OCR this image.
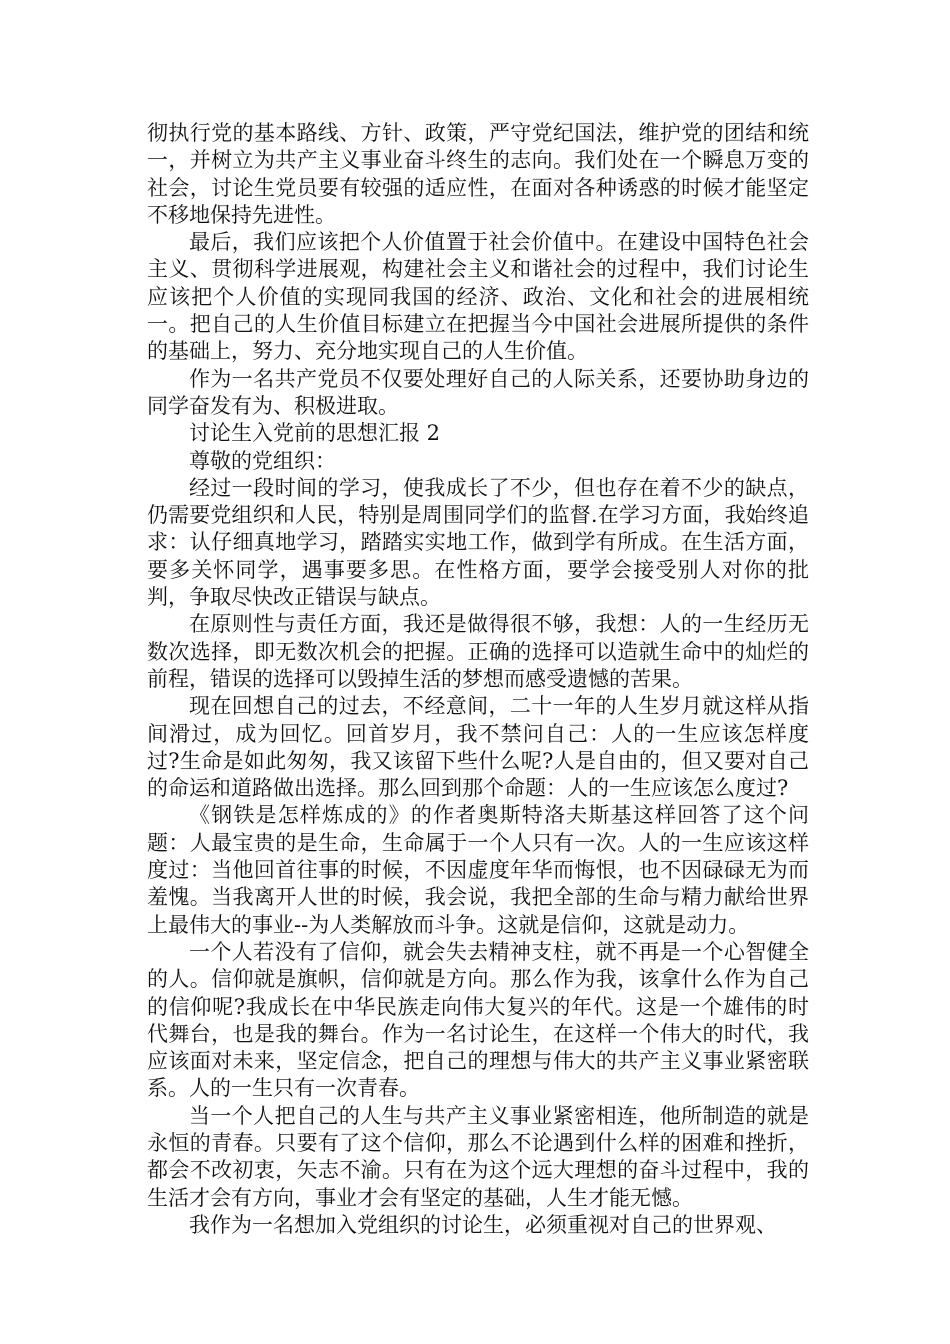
彻执行党的基本路线、方针、政策，严守党纪国法，维护党的团结和统一，并树立为共产主义事业奋斗终生的志向。我们处在一个瞬息万变的社会，讨论生党员要有较强的适应性，在面对各种诱惑的时候才能坚定不移地保持先进性。

最后，我们应该把个人价值置于社会价值中。在建设中国特色社会主义、贯彻科学进展观，构建社会主义和谐社会的过程中，我们讨论生应该把个人价值的实现同我国的经济、政治、文化和社会的进展相统一。把自己的人生价值目标建立在把握当今中国社会进展所提供的条件的基础上，努力、充分地实现自己的人生价值。

作为一名共产党员不仅要处理好自己的人际关系，还要协助身边的同学奋发有为、积极进取。

讨论生入党前的思想汇报 2

尊敬的党组织：

经过一段时间的学习，使我成长了不少，但也存在着不少的缺点，仍需要党组织和人民，特别是周围同学们的监督.在学习方面，我始终追求：认仔细真地学习，踏踏实实地工作，做到学有所成。在生活方面，要多关怀同学，遇事要多思。在性格方面，要学会接受别人对你的批判，争取尽快改正错误与缺点。

在原则性与责任方面，我还是做得很不够，我想：人的一生经历无数次选择，即无数次机会的把握。正确的选择可以造就生命中的灿烂的前程，错误的选择可以毁掉生活的梦想而感受遗憾的苦果。

现在回想自己的过去，不经意间，二十一年的人生岁月就这样从指间滑过，成为回忆。回首岁月，我不禁问自己：人的一生应该怎样度过?生命是如此匆匆，我又该留下些什么呢?人是自由的，但又要对自己的命运和道路做出选择。那么回到那个命题：人的一生应该怎么度过?

《钢铁是怎样炼成的》的作者奥斯特洛夫斯基这样回答了这个问题：人最宝贵的是生命，生命属于一个人只有一次。人的一生应该这样度过：当他回首往事的时候，不因虚度年华而悔恨，也不因碌碌无为而羞愧。当我离开人世的时候，我会说，我把全部的生命与精力献给世界上最伟大的事业--为人类解放而斗争。这就是信仰，这就是动力。

一个人若没有了信仰，就会失去精神支柱，就不再是一个心智健全的人。信仰就是旗帜，信仰就是方向。那么作为我，该拿什么作为自己的信仰呢?我成长在中华民族走向伟大复兴的年代。这是一个雄伟的时代舞台，也是我的舞台。作为一名讨论生，在这样一个伟大的时代，我应该面对未来，坚定信念，把自己的理想与伟大的共产主义事业紧密联系。人的一生只有一次青春。

当一个人把自己的人生与共产主义事业紧密相连，他所制造的就是永恒的青春。只要有了这个信仰，那么不论遇到什么样的困难和挫折，都会不改初衷，矢志不渝。只有在为这个远大理想的奋斗过程中，我的生活才会有方向，事业才会有坚定的基础，人生才能无憾。

我作为一名想加入党组织的讨论生，必须重视对自己的世界观、
